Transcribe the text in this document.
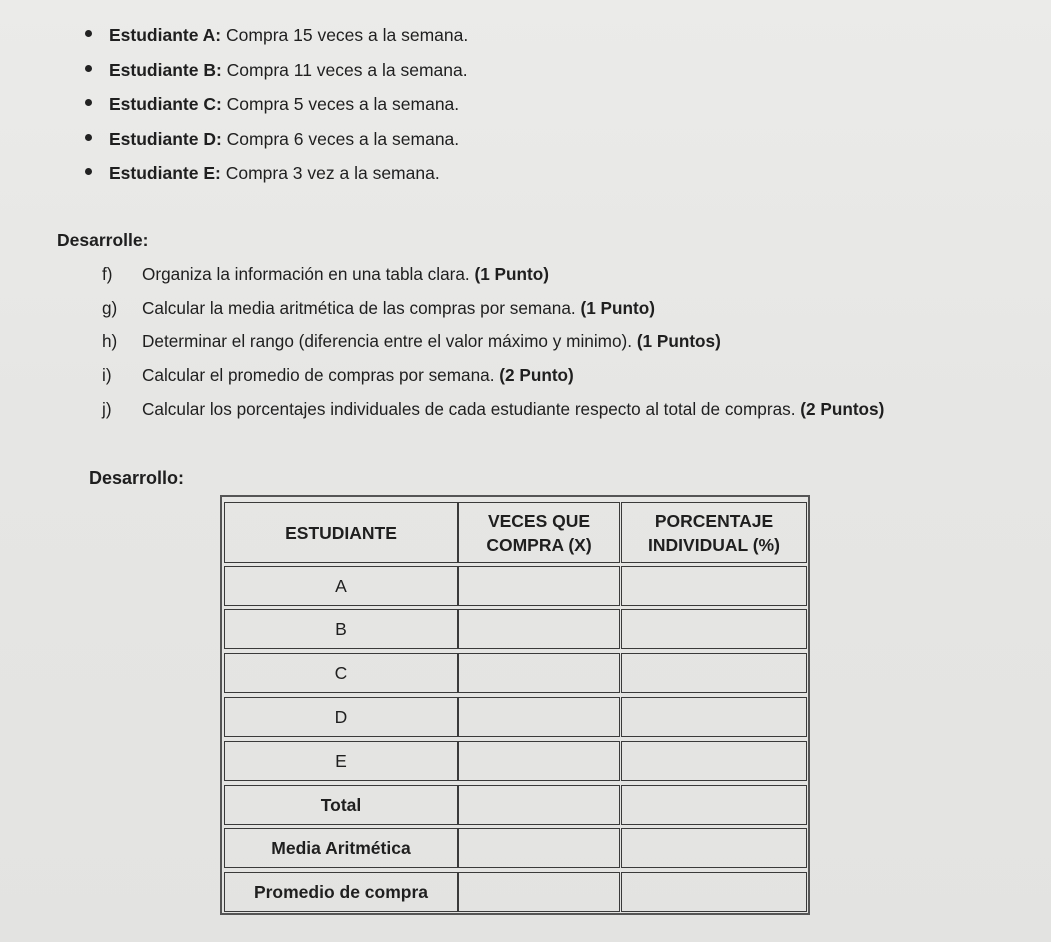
Estudiante A: Compra 15 veces a la semana.
Estudiante B: Compra 11 veces a la semana.
Estudiante C: Compra 5 veces a la semana.
Estudiante D: Compra 6 veces a la semana.
Estudiante E: Compra 3 vez a la semana.
Desarrolle:
f) Organiza la información en una tabla clara. (1 Punto)
g) Calcular la media aritmética de las compras por semana. (1 Punto)
h) Determinar el rango (diferencia entre el valor máximo y minimo). (1 Puntos)
i) Calcular el promedio de compras por semana. (2 Punto)
j) Calcular los porcentajes individuales de cada estudiante respecto al total de compras. (2 Puntos)
Desarrollo:
ESTUDIANTE
VECES QUE COMPRA (X)
PORCENTAJE INDIVIDUAL (%)
A
B
C
D
E
Total
Media Aritmética
Promedio de compra
